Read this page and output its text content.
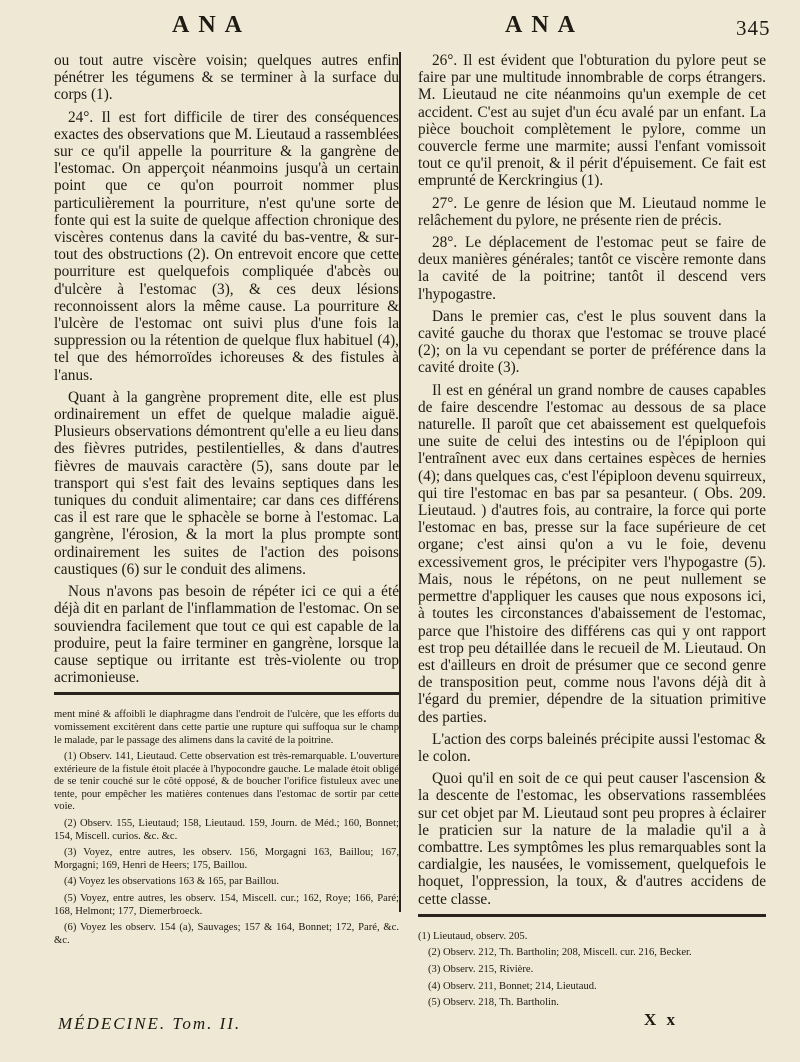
ANA	ANA	345

ou tout autre viscère voisin; quelques autres enfin pénétrer les tégumens & se terminer à la surface du corps (1).

24°. Il est fort difficile de tirer des conséquences exactes des observations que M. Lieutaud a rassemblées sur ce qu'il appelle la pourriture & la gangrène de l'estomac. On apperçoit néanmoins jusqu'à un certain point que ce qu'on pourroit nommer plus particulièrement la pourriture, n'est qu'une sorte de fonte qui est la suite de quelque affection chronique des viscères contenus dans la cavité du bas-ventre, & sur-tout des obstructions (2). On entrevoit encore que cette pourriture est quelquefois compliquée d'abcès ou d'ulcère à l'estomac (3), & ces deux lésions reconnoissent alors la même cause. La pourriture & l'ulcère de l'estomac ont suivi plus d'une fois la suppression ou la rétention de quelque flux habituel (4), tel que des hémorroïdes ichoreuses & des fistules à l'anus.

Quant à la gangrène proprement dite, elle est plus ordinairement un effet de quelque maladie aiguë. Plusieurs observations démontrent qu'elle a eu lieu dans des fièvres putrides, pestilentielles, & dans d'autres fièvres de mauvais caractère (5), sans doute par le transport qui s'est fait des levains septiques dans les tuniques du conduit alimentaire; car dans ces différens cas il est rare que le sphacèle se borne à l'estomac. La gangrène, l'érosion, & la mort la plus prompte sont ordinairement les suites de l'action des poisons caustiques (6) sur le conduit des alimens.

Nous n'avons pas besoin de répéter ici ce qui a été déjà dit en parlant de l'inflammation de l'estomac. On se souviendra facilement que tout ce qui est capable de la produire, peut la faire terminer en gangrène, lorsque la cause septique ou irritante est très-violente ou trop acrimonieuse.

ment miné & affoibli le diaphragme dans l'endroit de l'ulcère, que les efforts du vomissement excitèrent dans cette partie une rupture qui suffoqua sur le champ le malade, par le passage des alimens dans la cavité de la poitrine.

(1) Observ. 141, Lieutaud. Cette observation est très-remarquable. L'ouverture extérieure de la fistule étoit placée à l'hypocondre gauche. Le malade étoit obligé de se tenir couché sur le côté opposé, & de boucher l'orifice fistuleux avec une tente, pour empêcher les matières contenues dans l'estomac de sortir par cette voie.

(2) Observ. 155, Lieutaud; 158, Lieutaud. 159, Journ. de Méd.; 160, Bonnet; 154, Miscell. curios. &c. &c.

(3) Voyez, entre autres, les observ. 156, Morgagni 163, Baillou; 167, Morgagni; 169, Henri de Heers; 175, Baillou.

(4) Voyez les observations 163 & 165, par Baillou.

(5) Voyez, entre autres, les observ. 154, Miscell. cur.; 162, Roye; 166, Paré; 168, Helmont; 177, Diemerbroeck.

(6) Voyez les observ. 154 (a), Sauvages; 157 & 164, Bonnet; 172, Paré, &c. &c.

26°. Il est évident que l'obturation du pylore peut se faire par une multitude innombrable de corps étrangers. M. Lieutaud ne cite néanmoins qu'un exemple de cet accident. C'est au sujet d'un écu avalé par un enfant. La pièce bouchoit complètement le pylore, comme un couvercle ferme une marmite; aussi l'enfant vomissoit tout ce qu'il prenoit, & il périt d'épuisement. Ce fait est emprunté de Kerckringius (1).

27°. Le genre de lésion que M. Lieutaud nomme le relâchement du pylore, ne présente rien de précis.

28°. Le déplacement de l'estomac peut se faire de deux manières générales; tantôt ce viscère remonte dans la cavité de la poitrine; tantôt il descend vers l'hypogastre.

Dans le premier cas, c'est le plus souvent dans la cavité gauche du thorax que l'estomac se trouve placé (2); on la vu cependant se porter de préférence dans la cavité droite (3).

Il est en général un grand nombre de causes capables de faire descendre l'estomac au dessous de sa place naturelle. Il paroît que cet abaissement est quelquefois une suite de celui des intestins ou de l'épiploon qui l'entraînent avec eux dans certaines espèces de hernies (4); dans quelques cas, c'est l'épiploon devenu squirreux, qui tire l'estomac en bas par sa pesanteur. ( Obs. 209. Lieutaud. ) d'autres fois, au contraire, la force qui porte l'estomac en bas, presse sur la face supérieure de cet organe; c'est ainsi qu'on a vu le foie, devenu excessivement gros, le précipiter vers l'hypogastre (5). Mais, nous le répétons, on ne peut nullement se permettre d'appliquer les causes que nous exposons ici, à toutes les circonstances d'abaissement de l'estomac, parce que l'histoire des différens cas qui y ont rapport est trop peu détaillée dans le recueil de M. Lieutaud. On est d'ailleurs en droit de présumer que ce second genre de transposition peut, comme nous l'avons déjà dit à l'égard du premier, dépendre de la situation primitive des parties.

L'action des corps baleinés précipite aussi l'estomac & le colon.

Quoi qu'il en soit de ce qui peut causer l'ascension & la descente de l'estomac, les observations rassemblées sur cet objet par M. Lieutaud sont peu propres à éclairer le praticien sur la nature de la maladie qu'il a à combattre. Les symptômes les plus remarquables sont la cardialgie, les nausées, le vomissement, quelquefois le hoquet, l'oppression, la toux, & d'autres accidens de cette classe.

(1) Lieutaud, observ. 205.

(2) Observ. 212, Th. Bartholin; 208, Miscell. cur. 216, Becker.

(3) Observ. 215, Rivière.

(4) Observ. 211, Bonnet; 214, Lieutaud.

(5) Observ. 218, Th. Bartholin.

MÉDECINE. Tom. II.	X x
